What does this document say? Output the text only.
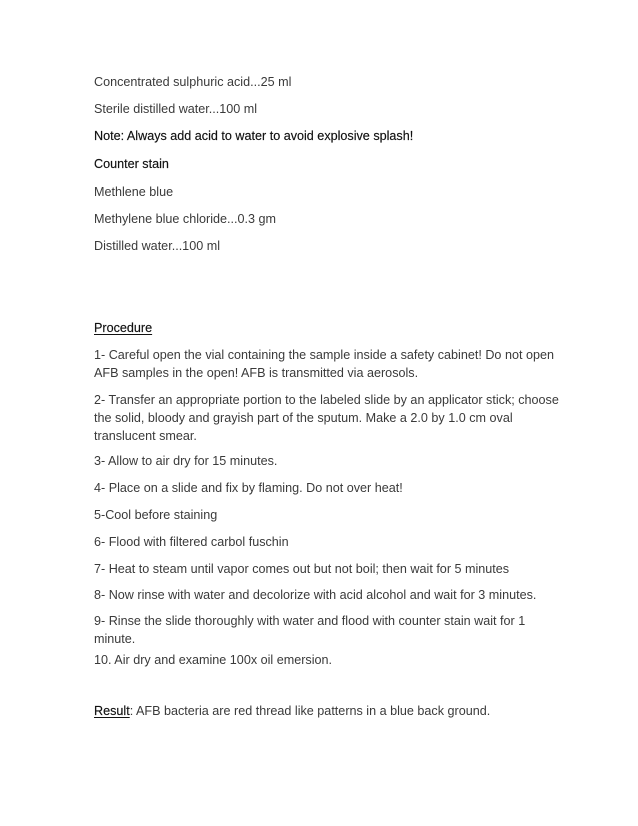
Concentrated sulphuric acid...25 ml

Sterile distilled water...100 ml

Note: Always add acid to water to avoid explosive splash!

Counter stain

Methlene blue

Methylene blue chloride...0.3 gm

Distilled water...100 ml

Procedure

1- Careful open the vial containing the sample inside a safety cabinet! Do not open AFB samples in the open! AFB is transmitted via aerosols.

2- Transfer an appropriate portion to the labeled slide by an applicator stick; choose the solid, bloody and grayish part of the sputum. Make a 2.0 by 1.0 cm oval translucent smear.

3- Allow to air dry for 15 minutes.

4- Place on a slide and fix by flaming. Do not over heat!

5-Cool before staining

6- Flood with filtered carbol fuschin

7- Heat to steam until vapor comes out but not boil; then wait for 5 minutes

8- Now rinse with water and decolorize with acid alcohol and wait for 3 minutes.

9- Rinse the slide thoroughly with water and flood with counter stain wait for 1 minute.

10. Air dry and examine 100x oil emersion.

Result: AFB bacteria are red thread like patterns in a blue back ground.
